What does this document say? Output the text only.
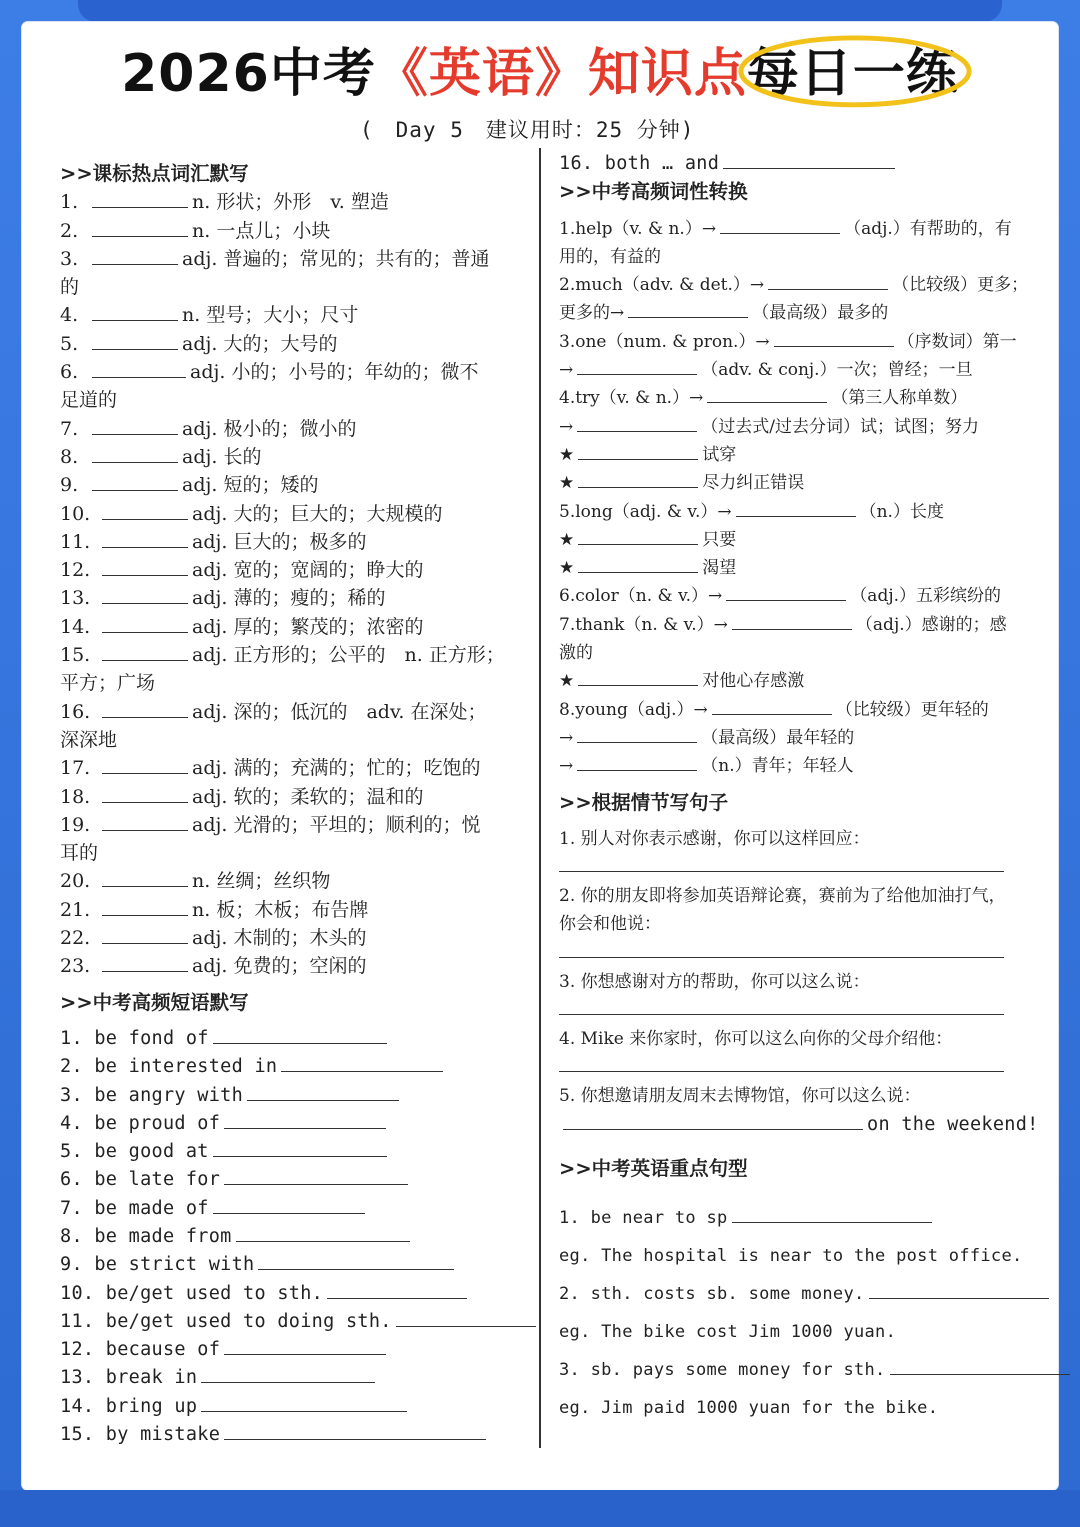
2026中考《英语》知识点每日一练
(　Day 5　建议用时：25 分钟)
>>课标热点词汇默写
1.	n. 形状；外形　v. 塑造
2.	n. 一点儿；小块
3.	adj. 普遍的；常见的；共有的；普通
的
4.	n. 型号；大小；尺寸
5.	adj. 大的；大号的
6.	adj. 小的；小号的；年幼的；微不
足道的
7.	adj. 极小的；微小的
8.	adj. 长的
9.	adj. 短的；矮的
10.	adj. 大的；巨大的；大规模的
11.	adj. 巨大的；极多的
12.	adj. 宽的；宽阔的；睁大的
13.	adj. 薄的；瘦的；稀的
14.	adj. 厚的；繁茂的；浓密的
15.	adj. 正方形的；公平的　n. 正方形；
平方；广场
16.	adj. 深的；低沉的　adv. 在深处；
深深地
17.	adj. 满的；充满的；忙的；吃饱的
18.	adj. 软的；柔软的；温和的
19.	adj. 光滑的；平坦的；顺利的；悦
耳的
20.	n. 丝绸；丝织物
21.	n. 板；木板；布告牌
22.	adj. 木制的；木头的
23.	adj. 免费的；空闲的
>>中考高频短语默写
1. be fond of
2. be interested in
3. be angry with
4. be proud of
5. be good at
6. be late for
7. be made of
8. be made from
9. be strict with
10. be/get used to sth.
11. be/get used to doing sth.
12. because of
13. break in
14. bring up
15. by mistake
16. both … and
>>中考高频词性转换
1.help（v. & n.）→	（adj.）有帮助的，有
用的，有益的
2.much（adv. & det.）→	（比较级）更多；
更多的→	（最高级）最多的
3.one（num. & pron.）→	（序数词）第一
→	（adv. & conj.）一次；曾经；一旦
4.try（v. & n.）→	（第三人称单数）
→	（过去式/过去分词）试；试图；努力
★	试穿
★	尽力纠正错误
5.long（adj. & v.）→	（n.）长度
★	只要
★	渴望
6.color（n. & v.）→	（adj.）五彩缤纷的
7.thank（n. & v.）→	（adj.）感谢的；感
激的
★	对他心存感激
8.young（adj.）→	（比较级）更年轻的
→	（最高级）最年轻的
→	（n.）青年；年轻人
>>根据情节写句子
1. 别人对你表示感谢，你可以这样回应：
2. 你的朋友即将参加英语辩论赛，赛前为了给他加油打气，
你会和他说：
3. 你想感谢对方的帮助，你可以这么说：
4. Mike 来你家时，你可以这么向你的父母介绍他：
5. 你想邀请朋友周末去博物馆，你可以这么说：
on the weekend!
>>中考英语重点句型
1. be near to sp
eg. The hospital is near to the post office.
2. sth. costs sb. some money.
eg. The bike cost Jim 1000 yuan.
3. sb. pays some money for sth.
eg. Jim paid 1000 yuan for the bike.
